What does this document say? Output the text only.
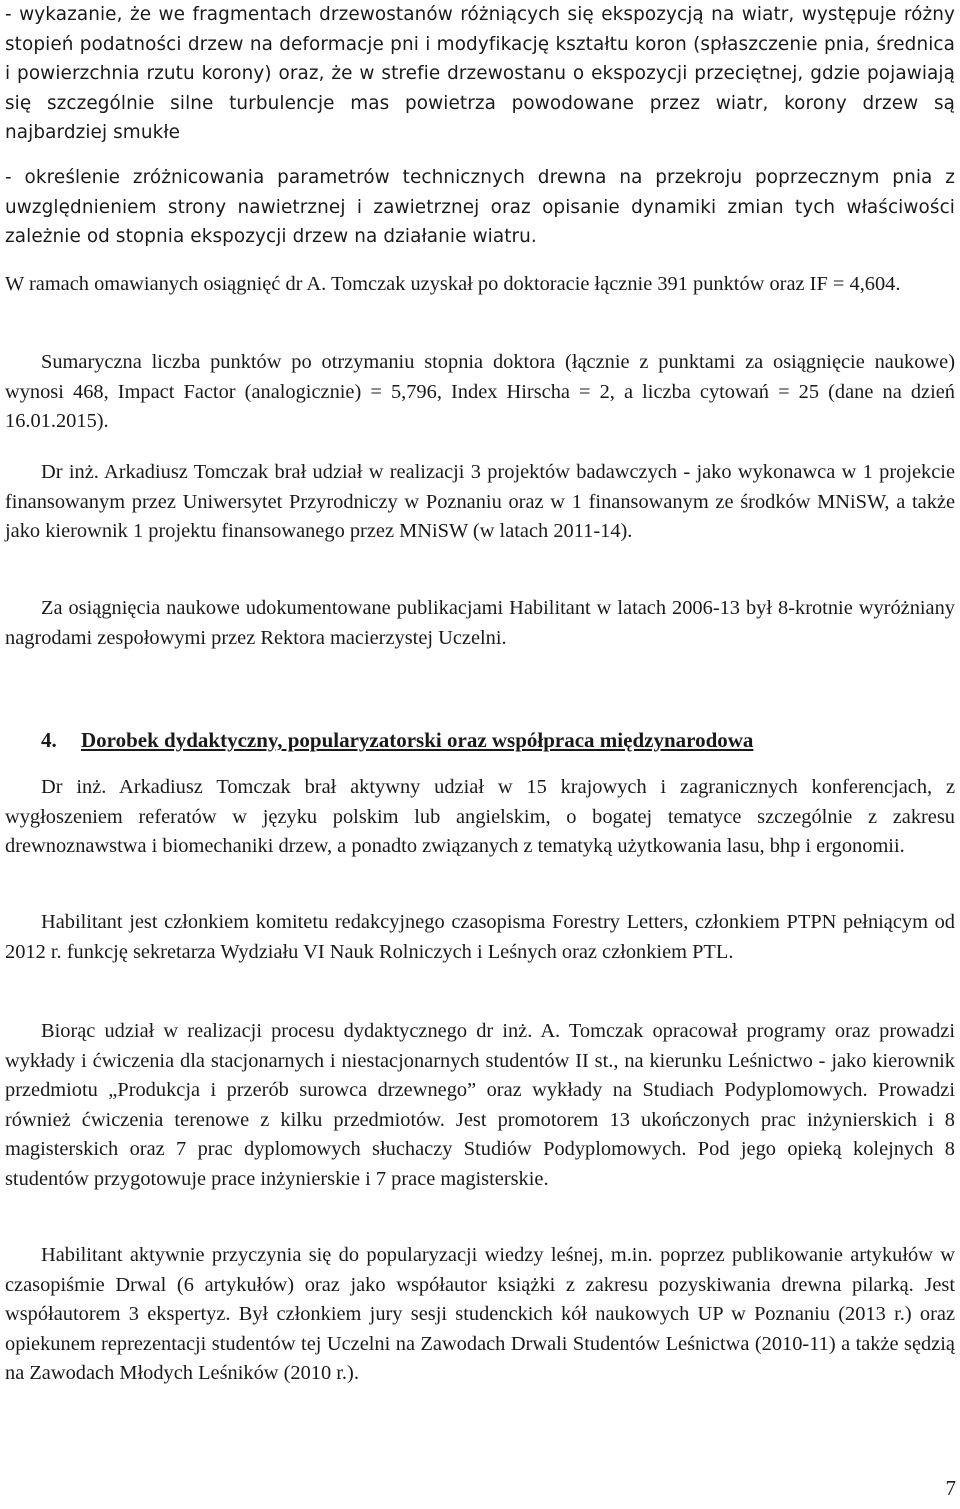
- wykazanie, że we fragmentach drzewostanów różniących się ekspozycją na wiatr, występuje różny stopień podatności drzew na deformacje pni i modyfikację kształtu koron (spłaszczenie pnia, średnica i powierzchnia rzutu korony) oraz, że w strefie drzewostanu o ekspozycji przeciętnej, gdzie pojawiają się szczególnie silne turbulencje mas powietrza powodowane przez wiatr, korony drzew są najbardziej smukłe

- określenie zróżnicowania parametrów technicznych drewna na przekroju poprzecznym pnia z uwzględnieniem strony nawietrznej i zawietrznej oraz opisanie dynamiki zmian tych właściwości zależnie od stopnia ekspozycji drzew na działanie wiatru.

W ramach omawianych osiągnięć dr A. Tomczak uzyskał po doktoracie łącznie 391 punktów oraz IF = 4,604.

Sumaryczna liczba punktów po otrzymaniu stopnia doktora (łącznie z punktami za osiągnięcie naukowe) wynosi 468, Impact Factor (analogicznie) = 5,796, Index Hirscha = 2, a liczba cytowań = 25 (dane na dzień 16.01.2015).

Dr inż. Arkadiusz Tomczak brał udział w realizacji 3 projektów badawczych - jako wykonawca w 1 projekcie finansowanym przez Uniwersytet Przyrodniczy w Poznaniu oraz w 1 finansowanym ze środków MNiSW, a także jako kierownik 1 projektu finansowanego przez MNiSW (w latach 2011-14).

Za osiągnięcia naukowe udokumentowane publikacjami Habilitant w latach 2006-13 był 8-krotnie wyróżniany nagrodami zespołowymi przez Rektora macierzystej Uczelni.

4. Dorobek dydaktyczny, popularyzatorski oraz współpraca międzynarodowa

Dr inż. Arkadiusz Tomczak brał aktywny udział w 15 krajowych i zagranicznych konferencjach, z wygłoszeniem referatów w języku polskim lub angielskim, o bogatej tematyce szczególnie z zakresu drewnoznawstwa i biomechaniki drzew, a ponadto związanych z tematyką użytkowania lasu, bhp i ergonomii.

Habilitant jest członkiem komitetu redakcyjnego czasopisma Forestry Letters, członkiem PTPN pełniącym od 2012 r. funkcję sekretarza Wydziału VI Nauk Rolniczych i Leśnych oraz członkiem PTL.

Biorąc udział w realizacji procesu dydaktycznego dr inż. A. Tomczak opracował programy oraz prowadzi wykłady i ćwiczenia dla stacjonarnych i niestacjonarnych studentów II st., na kierunku Leśnictwo - jako kierownik przedmiotu „Produkcja i przerób surowca drzewnego” oraz wykłady na Studiach Podyplomowych. Prowadzi również ćwiczenia terenowe z kilku przedmiotów. Jest promotorem 13 ukończonych prac inżynierskich i 8 magisterskich oraz 7 prac dyplomowych słuchaczy Studiów Podyplomowych. Pod jego opieką kolejnych 8 studentów przygotowuje prace inżynierskie i 7 prace magisterskie.

Habilitant aktywnie przyczynia się do popularyzacji wiedzy leśnej, m.in. poprzez publikowanie artykułów w czasopiśmie Drwal (6 artykułów) oraz jako współautor książki z zakresu pozyskiwania drewna pilarką. Jest współautorem 3 ekspertyz. Był członkiem jury sesji studenckich kół naukowych UP w Poznaniu (2013 r.) oraz opiekunem reprezentacji studentów tej Uczelni na Zawodach Drwali Studentów Leśnictwa (2010-11) a także sędzią na Zawodach Młodych Leśników (2010 r.).

7
